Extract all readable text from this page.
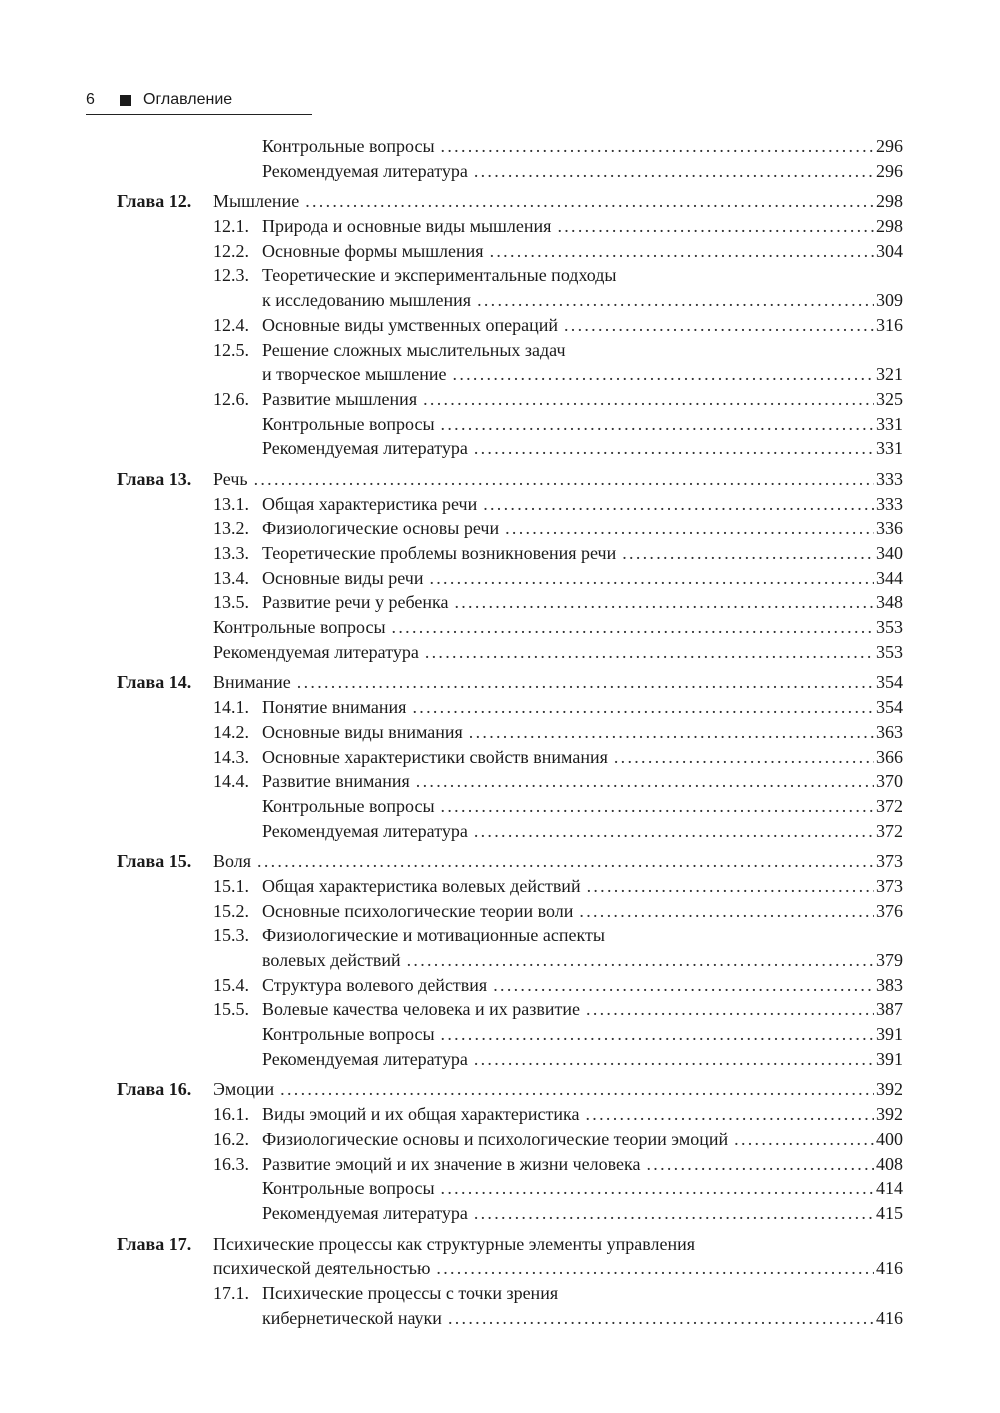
6	Оглавление
Контрольные вопросы .....	296
Рекомендуемая литература .....	296
Глава 12. Мышление .....	298
12.1. Природа и основные виды мышления .....	298
12.2. Основные формы мышления .....	304
12.3. Теоретические и экспериментальные подходы
к исследованию мышления .....	309
12.4. Основные виды умственных операций .....	316
12.5. Решение сложных мыслительных задач
и творческое мышление .....	321
12.6. Развитие мышления .....	325
Контрольные вопросы .....	331
Рекомендуемая литература .....	331
Глава 13. Речь .....	333
13.1. Общая характеристика речи .....	333
13.2. Физиологические основы речи .....	336
13.3. Теоретические проблемы возникновения речи .....	340
13.4. Основные виды речи .....	344
13.5. Развитие речи у ребенка .....	348
Контрольные вопросы .....	353
Рекомендуемая литература .....	353
Глава 14. Внимание .....	354
14.1. Понятие внимания .....	354
14.2. Основные виды внимания .....	363
14.3. Основные характеристики свойств внимания .....	366
14.4. Развитие внимания .....	370
Контрольные вопросы .....	372
Рекомендуемая литература .....	372
Глава 15. Воля .....	373
15.1. Общая характеристика волевых действий .....	373
15.2. Основные психологические теории воли .....	376
15.3. Физиологические и мотивационные аспекты
волевых действий .....	379
15.4. Структура волевого действия .....	383
15.5. Волевые качества человека и их развитие .....	387
Контрольные вопросы .....	391
Рекомендуемая литература .....	391
Глава 16. Эмоции .....	392
16.1. Виды эмоций и их общая характеристика .....	392
16.2. Физиологические основы и психологические теории эмоций .....	400
16.3. Развитие эмоций и их значение в жизни человека .....	408
Контрольные вопросы .....	414
Рекомендуемая литература .....	415
Глава 17. Психические процессы как структурные элементы управления
психической деятельностью .....	416
17.1. Психические процессы с точки зрения
кибернетической науки .....	416
